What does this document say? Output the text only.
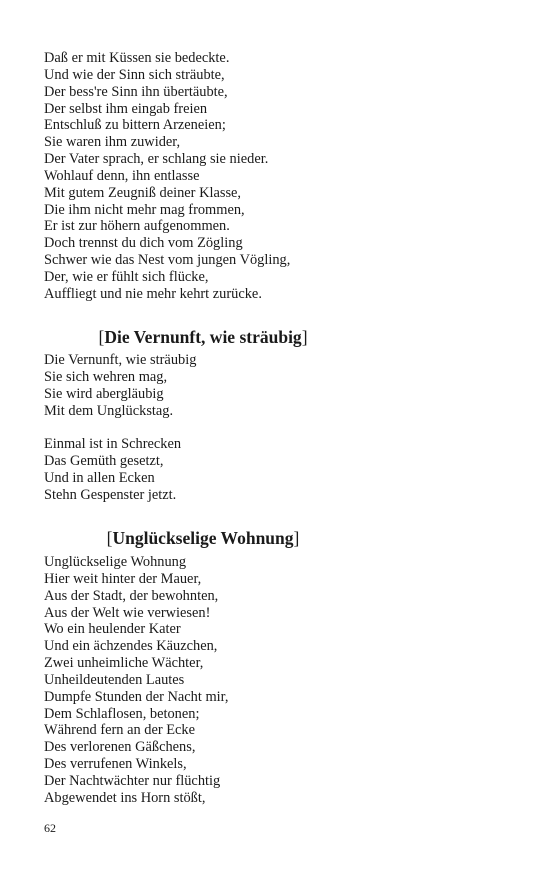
Daß er mit Küssen sie bedeckte.
Und wie der Sinn sich sträubte,
Der bess're Sinn ihn übertäubte,
Der selbst ihm eingab freien
Entschluß zu bittern Arzeneien;
Sie waren ihm zuwider,
Der Vater sprach, er schlang sie nieder.
Wohlauf denn, ihn entlasse
Mit gutem Zeugniß deiner Klasse,
Die ihm nicht mehr mag frommen,
Er ist zur höhern aufgenommen.
Doch trennst du dich vom Zögling
Schwer wie das Nest vom jungen Vögling,
Der, wie er fühlt sich flücke,
Auffliegt und nie mehr kehrt zurücke.
[Die Vernunft, wie sträubig]
Die Vernunft, wie sträubig
Sie sich wehren mag,
Sie wird abergläubig
Mit dem Unglückstag.
Einmal ist in Schrecken
Das Gemüth gesetzt,
Und in allen Ecken
Stehn Gespenster jetzt.
[Unglückselige Wohnung]
Unglückselige Wohnung
Hier weit hinter der Mauer,
Aus der Stadt, der bewohnten,
Aus der Welt wie verwiesen!
Wo ein heulender Kater
Und ein ächzendes Käuzchen,
Zwei unheimliche Wächter,
Unheildeutenden Lautes
Dumpfe Stunden der Nacht mir,
Dem Schlaflosen, betonen;
Während fern an der Ecke
Des verlorenen Gäßchens,
Des verrufenen Winkels,
Der Nachtwächter nur flüchtig
Abgewendet ins Horn stößt,
62
